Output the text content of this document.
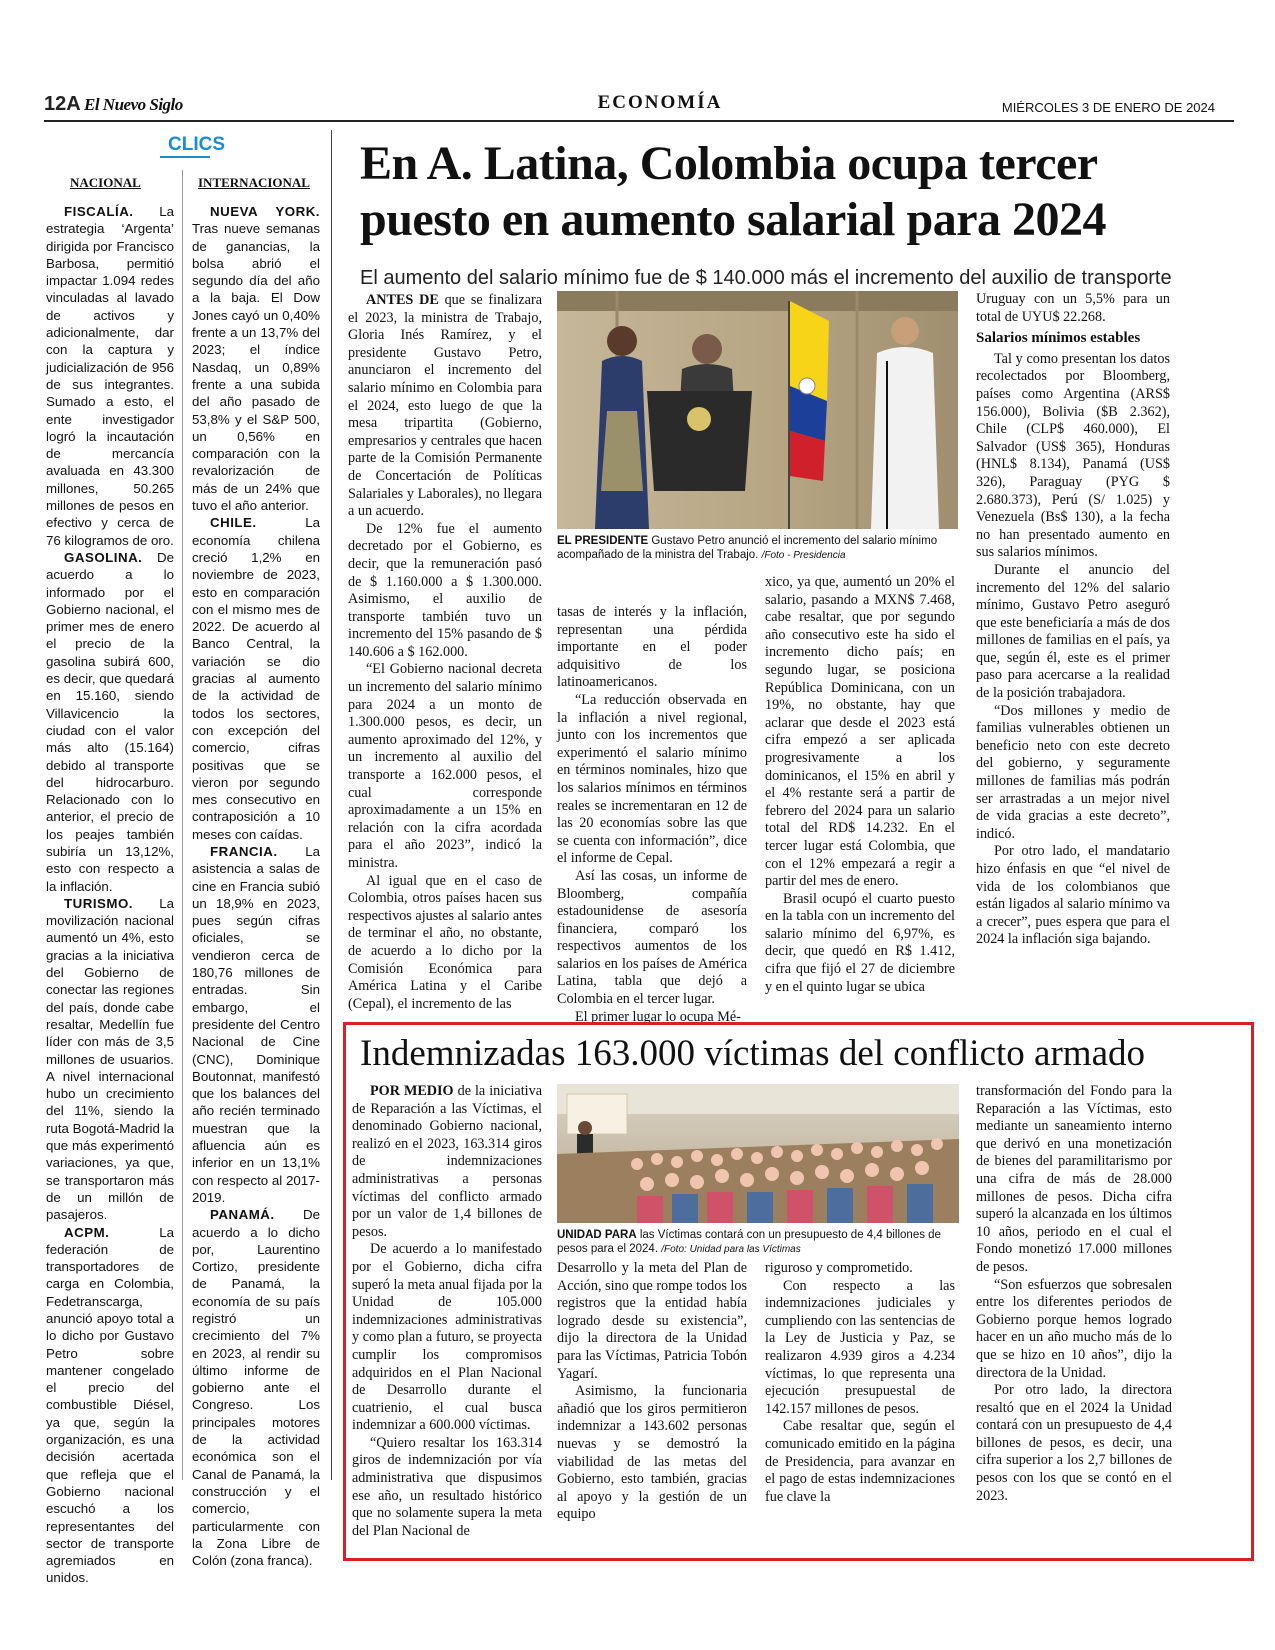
12A El Nuevo Siglo	ECONOMÍA	MIÉRCOLES 3 DE ENERO DE 2024
CLICS
NACIONAL	INTERNACIONAL

FISCALÍA. La estrategia ‘Argenta’ dirigida por Francisco Barbosa, permitió impactar 1.094 redes vinculadas al lavado de activos y adicionalmente, dar con la captura y judicialización de 956 de sus integrantes. Sumado a esto, el ente investigador logró la incautación de mercancía avaluada en 43.300 millones, 50.265 millones de pesos en efectivo y cerca de 76 kilogramos de oro.

GASOLINA. De acuerdo a lo informado por el Gobierno nacional, el primer mes de enero el precio de la gasolina subirá 600, es decir, que quedará en 15.160, siendo Villavicencio la ciudad con el valor más alto (15.164) debido al transporte del hidrocarburo. Relacionado con lo anterior, el precio de los peajes también subiría un 13,12%, esto con respecto a la inflación.

TURISMO. La movilización nacional aumentó un 4%, esto gracias a la iniciativa del Gobierno de conectar las regiones del país, donde cabe resaltar, Medellín fue líder con más de 3,5 millones de usuarios. A nivel internacional hubo un crecimiento del 11%, siendo la ruta Bogotá-Madrid la que más experimentó variaciones, ya que, se transportaron más de un millón de pasajeros.

ACPM. La federación de transportadores de carga en Colombia, Fedetranscarga, anunció apoyo total a lo dicho por Gustavo Petro sobre mantener congelado el precio del combustible Diésel, ya que, según la organización, es una decisión acertada que refleja que el Gobierno nacional escuchó a los representantes del sector de transporte agremiados en unidos.

NUEVA YORK. Tras nueve semanas de ganancias, la bolsa abrió el segundo día del año a la baja. El Dow Jones cayó un 0,40% frente a un 13,7% del 2023; el índice Nasdaq, un 0,89% frente a una subida del año pasado de 53,8% y el S&P 500, un 0,56% en comparación con la revalorización de más de un 24% que tuvo el año anterior.

CHILE. La economía chilena creció 1,2% en noviembre de 2023, esto en comparación con el mismo mes de 2022. De acuerdo al Banco Central, la variación se dio gracias al aumento de la actividad de todos los sectores, con excepción del comercio, cifras positivas que se vieron por segundo mes consecutivo en contraposición a 10 meses con caídas.

FRANCIA. La asistencia a salas de cine en Francia subió un 18,9% en 2023, pues según cifras oficiales, se vendieron cerca de 180,76 millones de entradas. Sin embargo, el presidente del Centro Nacional de Cine (CNC), Dominique Boutonnat, manifestó que los balances del año recién terminado muestran que la afluencia aún es inferior en un 13,1% con respecto al 2017-2019.

PANAMÁ. De acuerdo a lo dicho por, Laurentino Cortizo, presidente de Panamá, la economía de su país registró un crecimiento del 7% en 2023, al rendir su último informe de gobierno ante el Congreso. Los principales motores de la actividad económica son el Canal de Panamá, la construcción y el comercio, particularmente con la Zona Libre de Colón (zona franca).

En A. Latina, Colombia ocupa tercer puesto en aumento salarial para 2024
El aumento del salario mínimo fue de $ 140.000 más el incremento del auxilio de transporte

ANTES DE que se finalizara el 2023, la ministra de Trabajo, Gloria Inés Ramírez, y el presidente Gustavo Petro, anunciaron el incremento del salario mínimo en Colombia para el 2024, esto luego de que la mesa tripartita (Gobierno, empresarios y centrales que hacen parte de la Comisión Permanente de Concertación de Políticas Salariales y Laborales), no llegara a un acuerdo.

De 12% fue el aumento decretado por el Gobierno, es decir, que la remuneración pasó de $ 1.160.000 a $ 1.300.000. Asimismo, el auxilio de transporte también tuvo un incremento del 15% pasando de $ 140.606 a $ 162.000.

“El Gobierno nacional decreta un incremento del salario mínimo para 2024 a un monto de 1.300.000 pesos, es decir, un aumento aproximado del 12%, y un incremento al auxilio del transporte a 162.000 pesos, el cual corresponde aproximadamente a un 15% en relación con la cifra acordada para el año 2023”, indicó la ministra.

Al igual que en el caso de Colombia, otros países hacen sus respectivos ajustes al salario antes de terminar el año, no obstante, de acuerdo a lo dicho por la Comisión Económica para América Latina y el Caribe (Cepal), el incremento de las

EL PRESIDENTE Gustavo Petro anunció el incremento del salario mínimo acompañado de la ministra del Trabajo. /Foto - Presidencia

tasas de interés y la inflación, representan una pérdida importante en el poder adquisitivo de los latinoamericanos.

“La reducción observada en la inflación a nivel regional, junto con los incrementos que experimentó el salario mínimo en términos nominales, hizo que los salarios mínimos en términos reales se incrementaran en 12 de las 20 economías sobre las que se cuenta con información”, dice el informe de Cepal.

Así las cosas, un informe de Bloomberg, compañía estadounidense de asesoría financiera, comparó los respectivos aumentos de los salarios en los países de América Latina, tabla que dejó a Colombia en el tercer lugar.

El primer lugar lo ocupa Mé-

xico, ya que, aumentó un 20% el salario, pasando a MXN$ 7.468, cabe resaltar, que por segundo año consecutivo este ha sido el incremento dicho país; en segundo lugar, se posiciona República Dominicana, con un 19%, no obstante, hay que aclarar que desde el 2023 está cifra empezó a ser aplicada progresivamente a los dominicanos, el 15% en abril y el 4% restante será a partir de febrero del 2024 para un salario total del RD$ 14.232. En el tercer lugar está Colombia, que con el 12% empezará a regir a partir del mes de enero.

Brasil ocupó el cuarto puesto en la tabla con un incremento del salario mínimo del 6,97%, es decir, que quedó en R$ 1.412, cifra que fijó el 27 de diciembre y en el quinto lugar se ubica

Uruguay con un 5,5% para un total de UYU$ 22.268.

Salarios mínimos estables

Tal y como presentan los datos recolectados por Bloomberg, países como Argentina (ARS$ 156.000), Bolivia ($B 2.362), Chile (CLP$ 460.000), El Salvador (US$ 365), Honduras (HNL$ 8.134), Panamá (US$ 326), Paraguay (PYG $ 2.680.373), Perú (S/ 1.025) y Venezuela (Bs$ 130), a la fecha no han presentado aumento en sus salarios mínimos.

Durante el anuncio del incremento del 12% del salario mínimo, Gustavo Petro aseguró que este beneficiaría a más de dos millones de familias en el país, ya que, según él, este es el primer paso para acercarse a la realidad de la posición trabajadora.

“Dos millones y medio de familias vulnerables obtienen un beneficio neto con este decreto del gobierno, y seguramente millones de familias más podrán ser arrastradas a un mejor nivel de vida gracias a este decreto”, indicó.

Por otro lado, el mandatario hizo énfasis en que “el nivel de vida de los colombianos que están ligados al salario mínimo va a crecer”, pues espera que para el 2024 la inflación siga bajando.

Indemnizadas 163.000 víctimas del conflicto armado

POR MEDIO de la iniciativa de Reparación a las Víctimas, el denominado Gobierno nacional, realizó en el 2023, 163.314 giros de indemnizaciones administrativas a personas víctimas del conflicto armado por un valor de 1,4 billones de pesos.

De acuerdo a lo manifestado por el Gobierno, dicha cifra superó la meta anual fijada por la Unidad de 105.000 indemnizaciones administrativas y como plan a futuro, se proyecta cumplir los compromisos adquiridos en el Plan Nacional de Desarrollo durante el cuatrienio, el cual busca indemnizar a 600.000 víctimas.

“Quiero resaltar los 163.314 giros de indemnización por vía administrativa que dispusimos ese año, un resultado histórico que no solamente supera la meta del Plan Nacional de

UNIDAD PARA las Víctimas contará con un presupuesto de 4,4 billones de pesos para el 2024. /Foto: Unidad para las Víctimas

Desarrollo y la meta del Plan de Acción, sino que rompe todos los registros que la entidad había logrado desde su existencia”, dijo la directora de la Unidad para las Víctimas, Patricia Tobón Yagarí.

Asimismo, la funcionaria añadió que los giros permitieron indemnizar a 143.602 personas nuevas y se demostró la viabilidad de las metas del Gobierno, esto también, gracias al apoyo y la gestión de un equipo

riguroso y comprometido.

Con respecto a las indemnizaciones judiciales y cumpliendo con las sentencias de la Ley de Justicia y Paz, se realizaron 4.939 giros a 4.234 víctimas, lo que representa una ejecución presupuestal de 142.157 millones de pesos.

Cabe resaltar que, según el comunicado emitido en la página de Presidencia, para avanzar en el pago de estas indemnizaciones fue clave la

transformación del Fondo para la Reparación a las Víctimas, esto mediante un saneamiento interno que derivó en una monetización de bienes del paramilitarismo por una cifra de más de 28.000 millones de pesos. Dicha cifra superó la alcanzada en los últimos 10 años, periodo en el cual el Fondo monetizó 17.000 millones de pesos.

“Son esfuerzos que sobresalen entre los diferentes periodos de Gobierno porque hemos logrado hacer en un año mucho más de lo que se hizo en 10 años”, dijo la directora de la Unidad.

Por otro lado, la directora resaltó que en el 2024 la Unidad contará con un presupuesto de 4,4 billones de pesos, es decir, una cifra superior a los 2,7 billones de pesos con los que se contó en el 2023.
